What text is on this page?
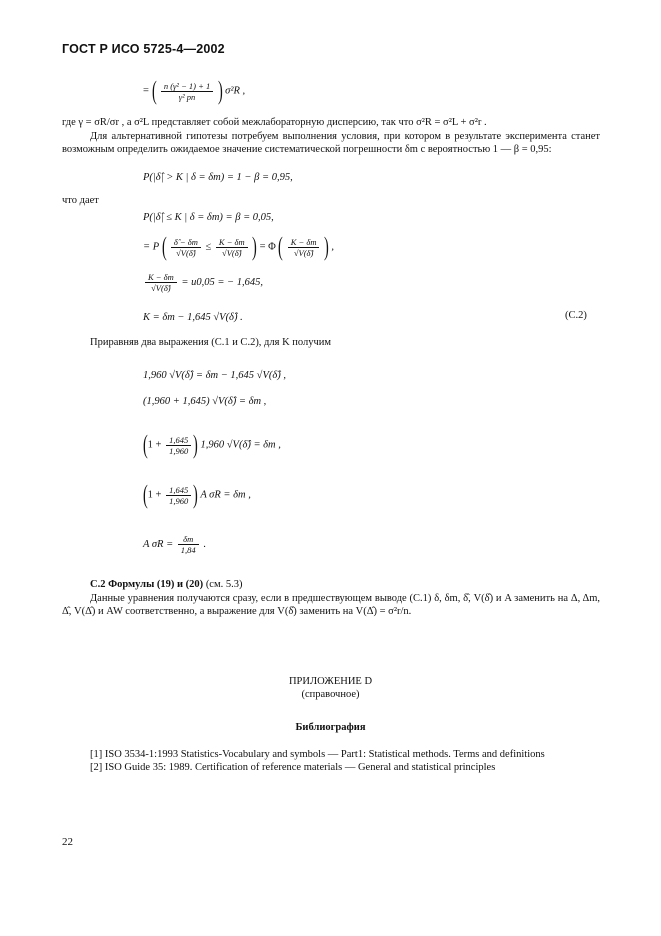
ГОСТ Р ИСО 5725-4—2002
= ( $\frac{\text{n (γ² − 1) + 1}}{\text{γ² pn}}$ ) σ²R ,
где γ = σR/σr , а σ²L представляет собой межлабораторную дисперсию, так что σ²R = σ²L + σ²r .
Для альтернативной гипотезы потребуем выполнения условия, при котором в результате эксперимента станет возможным определить ожидаемое значение систематической погрешности δm с вероятностью 1 — β = 0,95:
P(|δ̂| > K | δ = δm) = 1 − β = 0,95,
что дает
P(|δ̂| ≤ K | δ = δm) = β = 0,05,
= P ( $\frac{\deltâ - \delta m}{√V(\deltâ)} \le \frac{K - \delta m}{√V(\deltâ)}$ ) = Φ ( $\frac{K - \delta m}{√V(\deltâ)}$ ) ,
$\frac{K - \delta m}{√V(\deltâ)} = u0,05$ = − 1,645,
K = δm − 1,645 √V(δ̂) .	(C.2)
Приравняв два выражения (C.1 и C.2), для K получим
1,960 √V(δ̂) = δm − 1,645 √V(δ̂) ,
(1,960 + 1,645) √V(δ̂) = δm ,
($1 + \frac{1,645}{1,960}$ ) 1,960 √V(δ̂) = δm ,
($1 + \frac{1,645}{1,960}$ ) A σR = δm ,
A $\sigma R = \frac{\delta m}{1,84}$ .
C.2 Формулы (19) и (20) (см. 5.3)
Данные уравнения получаются сразу, если в предшествующем выводе (C.1) δ, δm, δ̂, V(δ̂) и A заменить на Δ, Δm, Δ̂, V(Δ̂) и AW соответственно, а выражение для V(δ̂) заменить на V(Δ̂) = σ²r/n.
ПРИЛОЖЕНИЕ D
(справочное)
Библиография
[1] ISO 3534-1:1993 Statistics-Vocabulary and symbols — Part1: Statistical methods. Terms and definitions
[2] ISO Guide 35: 1989. Certification of reference materials — General and statistical principles
22
